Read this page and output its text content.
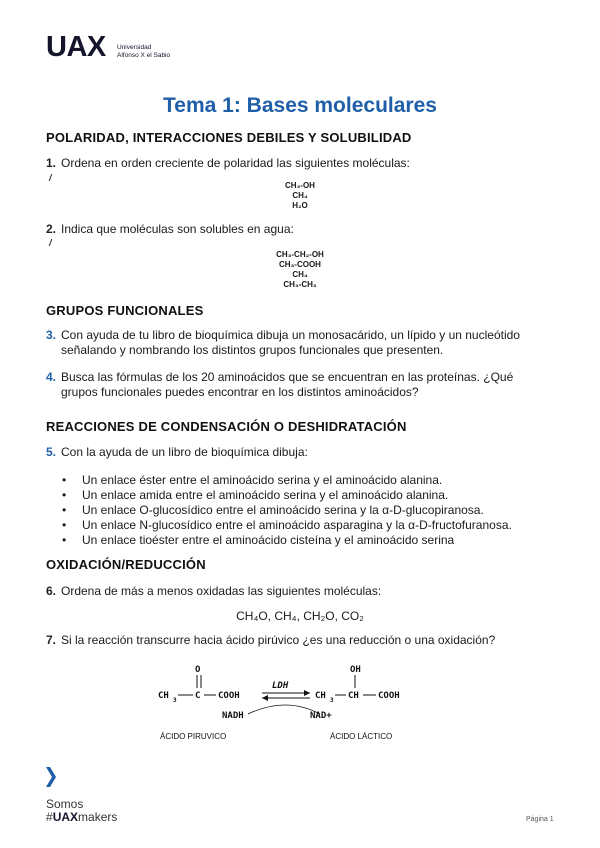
UAX Universidad
Alfonso X el Sabio
Tema 1: Bases moleculares
POLARIDAD, INTERACCIONES DEBILES Y SOLUBILIDAD
1. Ordena en orden creciente de polaridad las siguientes moléculas:
CH₃-OH
CH₄
H₂O
2. Indica que moléculas son solubles en agua:
CH₃-CH₂-OH
CH₃-COOH
CH₄
CH₃-CH₃
GRUPOS FUNCIONALES
3. Con ayuda de tu libro de bioquímica dibuja un monosacárido, un lípido y un nucleótido señalando y nombrando los distintos grupos funcionales que presenten.
4. Busca las fórmulas de los 20 aminoácidos que se encuentran en las proteínas. ¿Qué grupos funcionales puedes encontrar en los distintos aminoácidos?
REACCIONES DE CONDENSACIÓN O DESHIDRATACIÓN
5. Con la ayuda de un libro de bioquímica dibuja:
• Un enlace éster entre el aminoácido serina y el aminoácido alanina.
• Un enlace amida entre el aminoácido serina y el aminoácido alanina.
• Un enlace O-glucosídico entre el aminoácido serina y la α-D-glucopiranosa.
• Un enlace N-glucosídico entre el aminoácido asparagina y la α-D-fructofuranosa.
• Un enlace tioéster entre el aminoácido cisteína y el aminoácido serina
OXIDACIÓN/REDUCCIÓN
6. Ordena de más a menos oxidadas las siguientes moléculas:
CH₄O, CH₄, CH₂O, CO₂
7. Si la reacción transcurre hacia ácido pirúvico ¿es una reducción o una oxidación?
O
CH 3 C COOH
NADH
LDH
OH
CH 3 CH COOH
NAD+
ÁCIDO PIRUVICO	ÁCIDO LÁCTICO
Somos
#UAXmakers	Página 1
